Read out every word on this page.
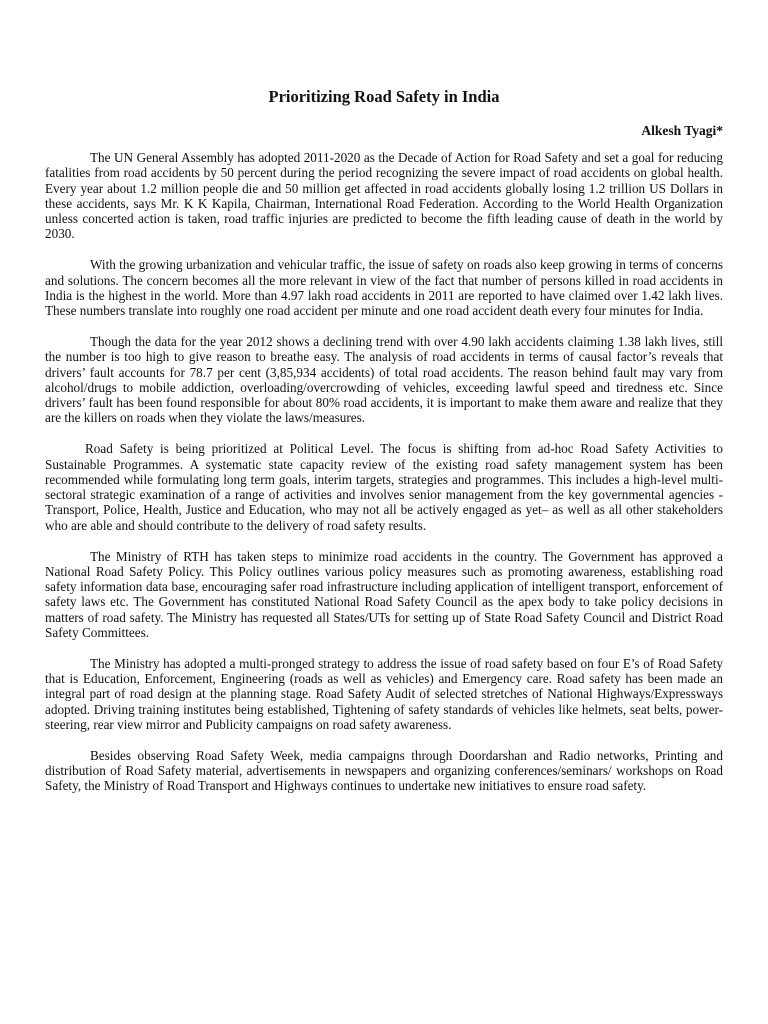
Prioritizing Road Safety in India
Alkesh Tyagi*

The UN General Assembly has adopted 2011-2020 as the Decade of Action for Road Safety and set a goal for reducing fatalities from road accidents by 50 percent during the period recognizing the severe impact of road accidents on global health. Every year about 1.2 million people die and 50 million get affected in road accidents globally losing 1.2 trillion US Dollars in these accidents, says Mr. K K Kapila, Chairman, International Road Federation. According to the World Health Organization unless concerted action is taken, road traffic injuries are predicted to become the fifth leading cause of death in the world by 2030.

With the growing urbanization and vehicular traffic, the issue of safety on roads also keep growing in terms of concerns and solutions. The concern becomes all the more relevant in view of the fact that number of persons killed in road accidents in India is the highest in the world. More than 4.97 lakh road accidents in 2011 are reported to have claimed over 1.42 lakh lives. These numbers translate into roughly one road accident per minute and one road accident death every four minutes for India.

Though the data for the year 2012 shows a declining trend with over 4.90 lakh accidents claiming 1.38 lakh lives, still the number is too high to give reason to breathe easy. The analysis of road accidents in terms of causal factor’s reveals that drivers’ fault accounts for 78.7 per cent (3,85,934 accidents) of total road accidents. The reason behind fault may vary from alcohol/drugs to mobile addiction, overloading/overcrowding of vehicles, exceeding lawful speed and tiredness etc. Since drivers’ fault has been found responsible for about 80% road accidents, it is important to make them aware and realize that they are the killers on roads when they violate the laws/measures.

Road Safety is being prioritized at Political Level. The focus is shifting from ad-hoc Road Safety Activities to Sustainable Programmes. A systematic state capacity review of the existing road safety management system has been recommended while formulating long term goals, interim targets, strategies and programmes. This includes a high-level multi-sectoral strategic examination of a range of activities and involves senior management from the key governmental agencies - Transport, Police, Health, Justice and Education, who may not all be actively engaged as yet– as well as all other stakeholders who are able and should contribute to the delivery of road safety results.

The Ministry of RTH has taken steps to minimize road accidents in the country. The Government has approved a National Road Safety Policy. This Policy outlines various policy measures such as promoting awareness, establishing road safety information data base, encouraging safer road infrastructure including application of intelligent transport, enforcement of safety laws etc. The Government has constituted National Road Safety Council as the apex body to take policy decisions in matters of road safety. The Ministry has requested all States/UTs for setting up of State Road Safety Council and District Road Safety Committees.

The Ministry has adopted a multi-pronged strategy to address the issue of road safety based on four E’s of Road Safety that is Education, Enforcement, Engineering (roads as well as vehicles) and Emergency care. Road safety has been made an integral part of road design at the planning stage. Road Safety Audit of selected stretches of National Highways/Expressways adopted. Driving training institutes being established, Tightening of safety standards of vehicles like helmets, seat belts, power-steering, rear view mirror and Publicity campaigns on road safety awareness.

Besides observing Road Safety Week, media campaigns through Doordarshan and Radio networks, Printing and distribution of Road Safety material, advertisements in newspapers and organizing conferences/seminars/ workshops on Road Safety, the Ministry of Road Transport and Highways continues to undertake new initiatives to ensure road safety.
